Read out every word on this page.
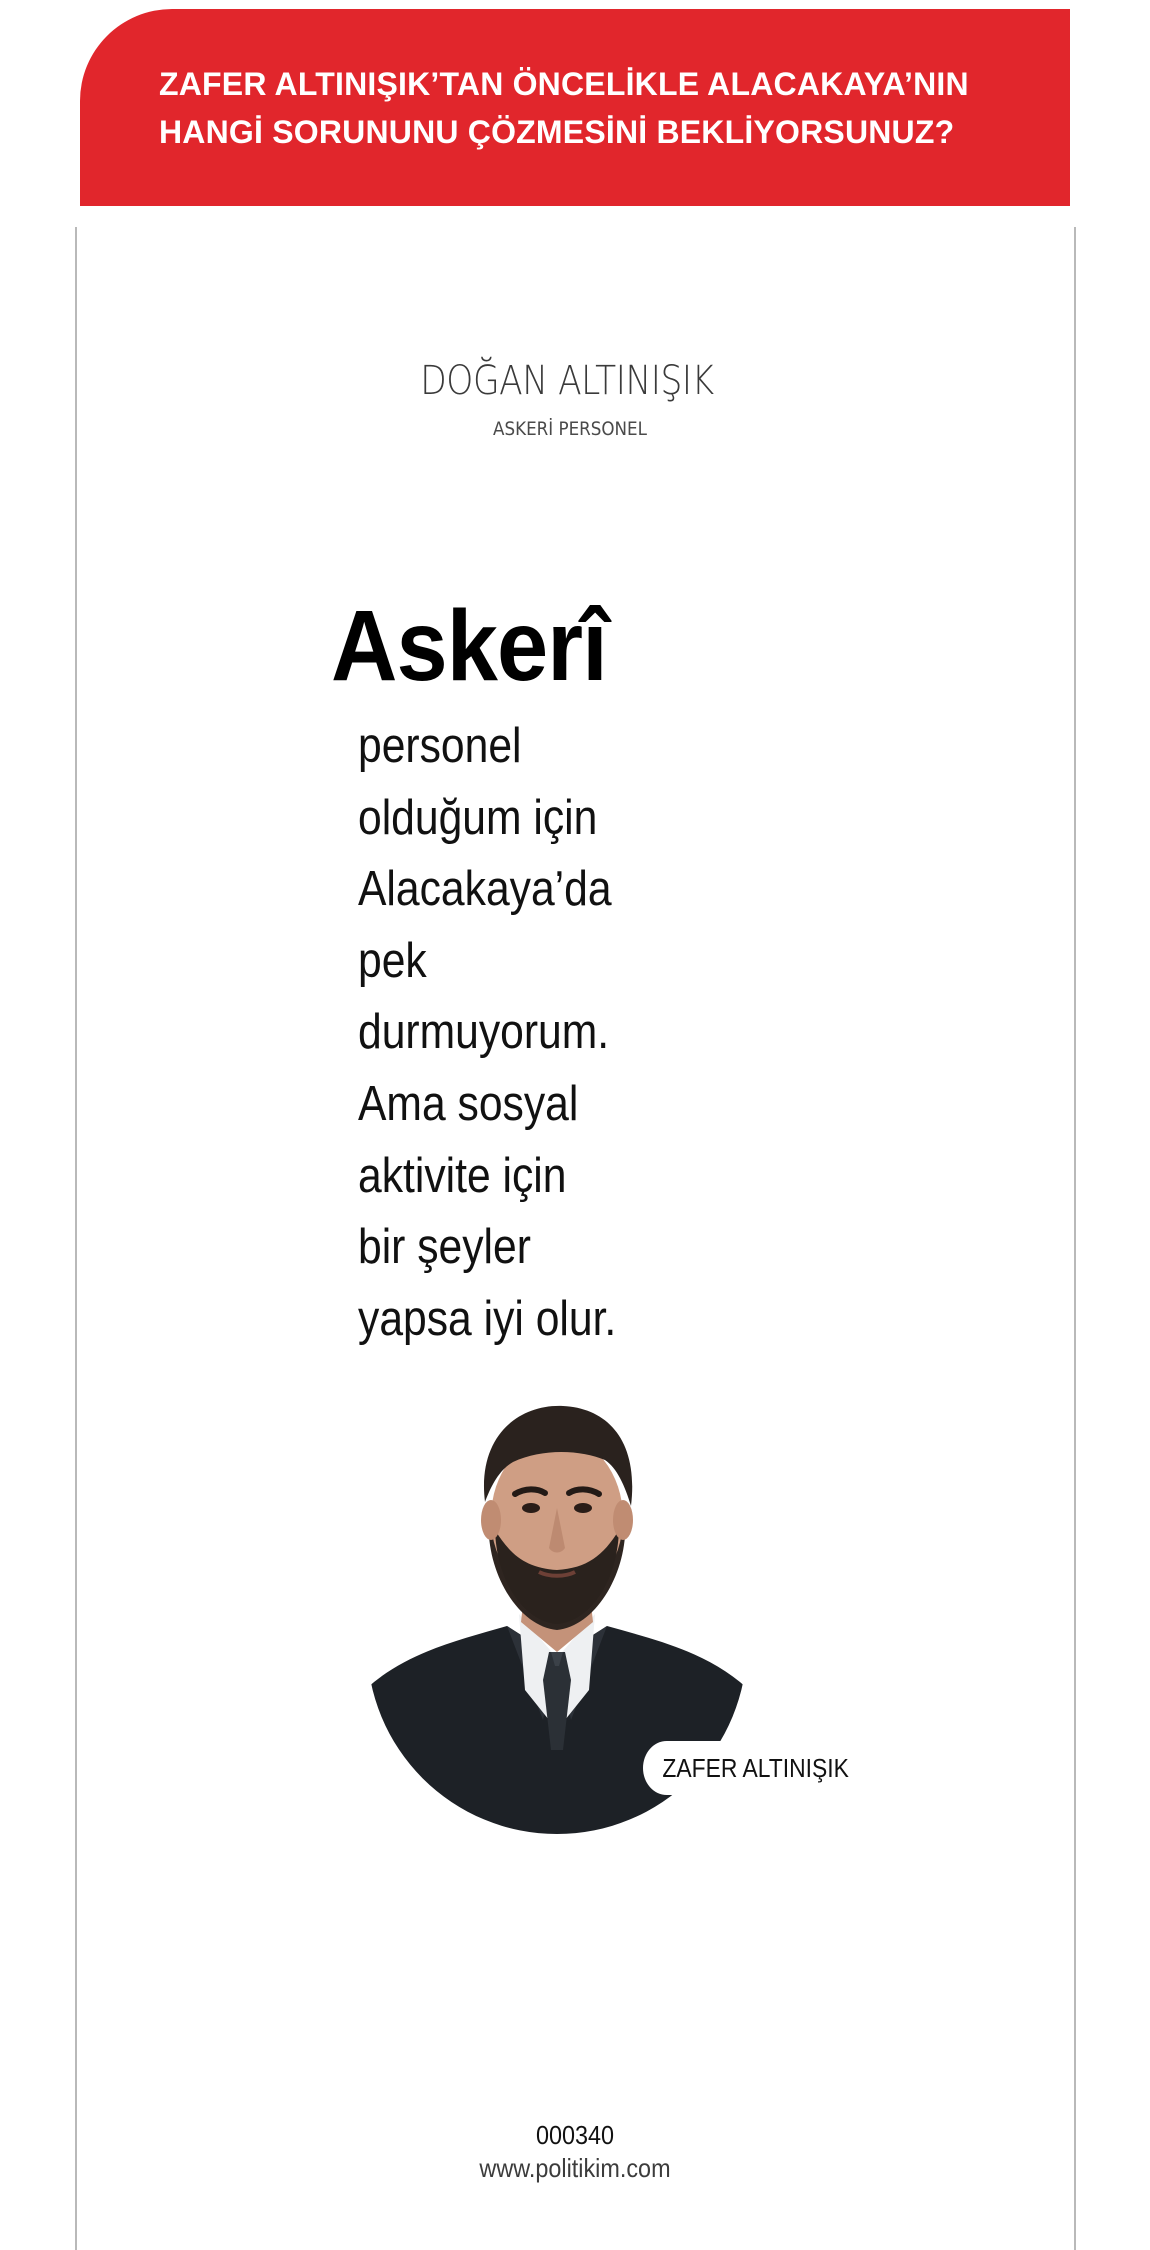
ZAFER ALTINIŞIK’TAN ÖNCELİKLE ALACAKAYA’NIN
HANGİ SORUNUNU ÇÖZMESİNİ BEKLİYORSUNUZ?
DOĞAN ALTINIŞIK
ASKERİ PERSONEL
Askerî
personel
olduğum için
Alacakaya’da
pek
durmuyorum.
Ama sosyal
aktivite için
bir şeyler
yapsa iyi olur.
ZAFER ALTINIŞIK
000340
www.politikim.com
